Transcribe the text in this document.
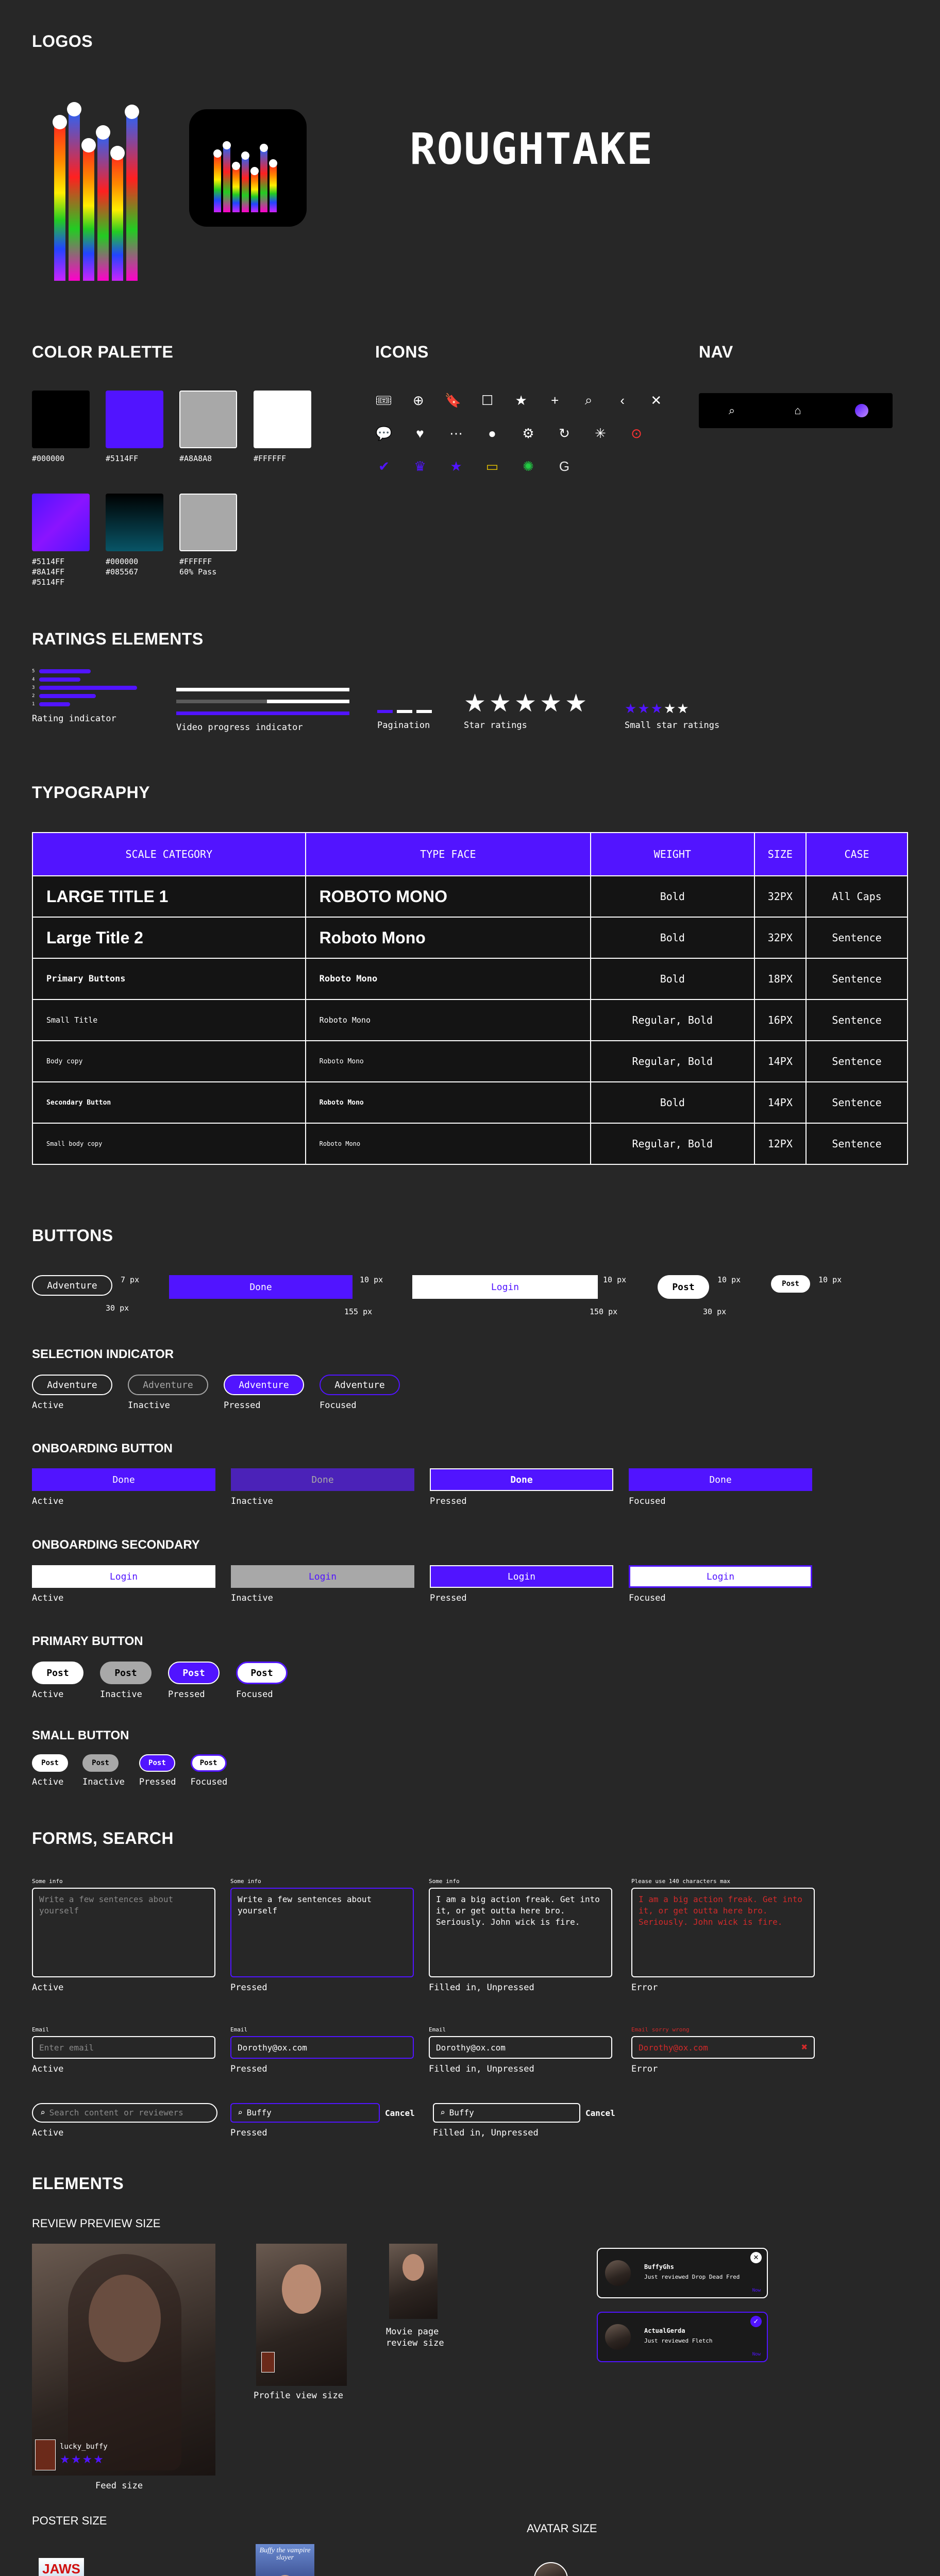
LOGOS
ROUGHTAKE
COLOR PALETTE
#000000	#5114FF	#A8A8A8	#FFFFFF
#5114FF
#8A14FF
#5114FF
#000000
#085567
#FFFFFF
60% Pass
ICONS
🎟 ⊕ 🔖 ☐ ★ + ⌕	‹	✕
💬	♥	⋯	●	⚙ ↻ ✳ ⊙
✔ ♛ ★ ▭ ✺ G
NAV
⌕	⌂
RATINGS ELEMENTS
5
4
3
2
1
Rating indicator
Video progress indicator	Pagination
★★★★★
Star ratings
★★★★★
Small star ratings
TYPOGRAPHY
SCALE CATEGORY	TYPE FACE	WEIGHT	SIZE	CASE
LARGE TITLE 1	ROBOTO MONO	Bold	32PX	All Caps
Large Title 2	Roboto Mono	Bold	32PX	Sentence
Primary Buttons	Roboto Mono	Bold	18PX	Sentence
Small Title	Roboto Mono	Regular, Bold	16PX	Sentence
Body copy	Roboto Mono	Regular, Bold	14PX	Sentence
Secondary Button	Roboto Mono	Bold	14PX	Sentence
Small body copy	Roboto Mono	Regular, Bold	12PX	Sentence
BUTTONS
Adventure
7 px
30 px
Done
10 px
155 px
Login
10 px
150 px
Post
10 px
30 px
Post	10 px
SELECTION INDICATOR
Adventure
Active
Adventure
Inactive
Adventure
Pressed
Adventure
Focused
ONBOARDING BUTTON
Done
Active
Done
Inactive
Done
Pressed
Done
Focused
ONBOARDING SECONDARY
Login
Active
Login
Inactive
Login
Pressed
Login
Focused
PRIMARY BUTTON
Post
Active
Post
Inactive
Post
Pressed
Post
Focused
SMALL BUTTON
Post
Active
Post
Inactive
Post
Pressed
Post
Focused
FORMS, SEARCH
Some info
Write a few sentences about yourself
Active
Some info
Write a few sentences about yourself
Pressed
Some info
I am a big action freak. Get into it, or get outta here bro. Seriously. John wick is fire.
Filled in, Unpressed
Please use 140 characters max
I am a big action freak. Get into it, or get outta here bro. Seriously. John wick is fire.
Error
Email
Enter email
Active
Email
Dorothy@ox.com
Pressed
Email
Dorothy@ox.com
Filled in, Unpressed
Email sorry wrong
Dorothy@ox.com	✖
Error
⌕ Search content or reviewers
Active
⌕ Buffy	Cancel
Pressed
⌕ Buffy	Cancel
Filled in, Unpressed
ELEMENTS
REVIEW PREVIEW SIZE
lucky_buffy
★★★★
Feed size
Profile view size
Movie page review size
BuffyGhs
Just reviewed Drop Dead Fred
✕
Now
ActualGerda
Just reviewed Fletch
✓
Now
POSTER SIZE
JAWS
Buffy the vampire slayer
AVATAR SIZE
